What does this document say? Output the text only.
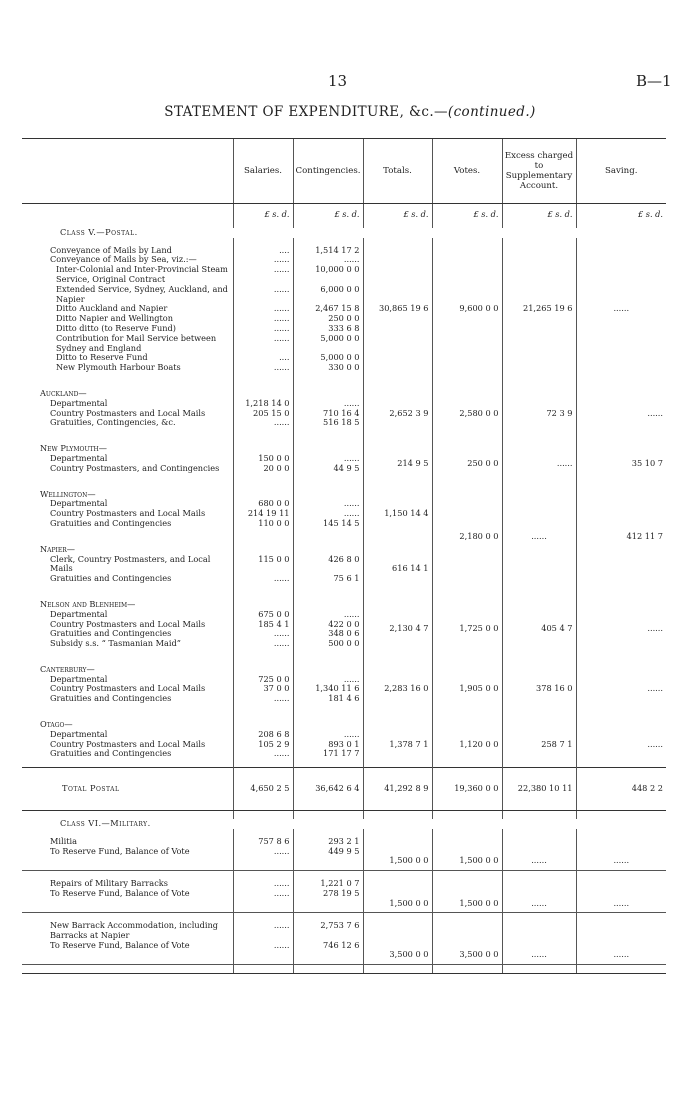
13	B—1
STATEMENT OF EXPENDITURE, &c.—(continued.)
	Salaries.	Contingencies.	Totals.	Votes.	Excess charged to Supplementary Account.	Saving.
	£ s. d.	£ s. d.	£ s. d.	£ s. d.	£ s. d.	£ s. d.
Class V.—Postal.						

Conveyance of Mails by Land	....	1,514 17 2	30,865 19 6	9,600 0 0	21,265 19 6	......
Conveyance of Mails by Sea, viz.:—	......	......				
Inter-Colonial and Inter-Provincial Steam Service, Original Contract	......	10,000 0 0				
Extended Service, Sydney, Auckland, and Napier	......	6,000 0 0				
Ditto Auckland and Napier	......	2,467 15 8				
Ditto Napier and Wellington	......	250 0 0				
Ditto ditto (to Reserve Fund)	......	333 6 8				
Contribution for Mail Service between Sydney and England	......	5,000 0 0				
Ditto to Reserve Fund	....	5,000 0 0				
New Plymouth Harbour Boats	......	330 0 0				

Auckland—						
Departmental	1,218 14 0	......	2,652 3 9	2,580 0 0	72 3 9	......
Country Postmasters and Local Mails	205 15 0	710 16 4				
Gratuities, Contingencies, &c.	......	516 18 5				

New Plymouth—						
Departmental	150 0 0	......	214 9 5	250 0 0	......	35 10 7
Country Postmasters, and Contingencies	20 0 0	44 9 5				

Wellington—				2,180 0 0	......	412 11 7
Departmental	680 0 0	......	1,150 14 4			
Country Postmasters and Local Mails	214 19 11	......				
Gratuities and Contingencies	110 0 0	145 14 5				

Napier—						
Clerk, Country Postmasters, and Local Mails	115 0 0	426 8 0	616 14 1			
Gratuities and Contingencies	......	75 6 1				

Nelson and Blenheim—						
Departmental	675 0 0	......	2,130 4 7	1,725 0 0	405 4 7	......
Country Postmasters and Local Mails	185 4 1	422 0 0				
Gratuities and Contingencies	......	348 0 6				
Subsidy s.s. “ Tasmanian Maid”	......	500 0 0				

Canterbury—						
Departmental	725 0 0	......	2,283 16 0	1,905 0 0	378 16 0	......
Country Postmasters and Local Mails	37 0 0	1,340 11 6				
Gratuities and Contingencies	......	181 4 6				

Otago—						
Departmental	208 6 8	......	1,378 7 1	1,120 0 0	258 7 1	......
Country Postmasters and Local Mails	105 2 9	893 0 1				
Gratuities and Contingencies	......	171 17 7				

Total Postal	4,650 2 5	36,642 6 4	41,292 8 9	19,360 0 0	22,380 10 11	448 2 2

Class VI.—Military.						

Militia	757 8 6	293 2 1				
To Reserve Fund, Balance of Vote	......	449 9 5				
			1,500 0 0	1,500 0 0	......	......

Repairs of Military Barracks	......	1,221 0 7				
To Reserve Fund, Balance of Vote	......	278 19 5				
			1,500 0 0	1,500 0 0	......	......

New Barrack Accommodation, including Barracks at Napier	......	2,753 7 6				
To Reserve Fund, Balance of Vote	......	746 12 6				
			3,500 0 0	3,500 0 0	......	......
